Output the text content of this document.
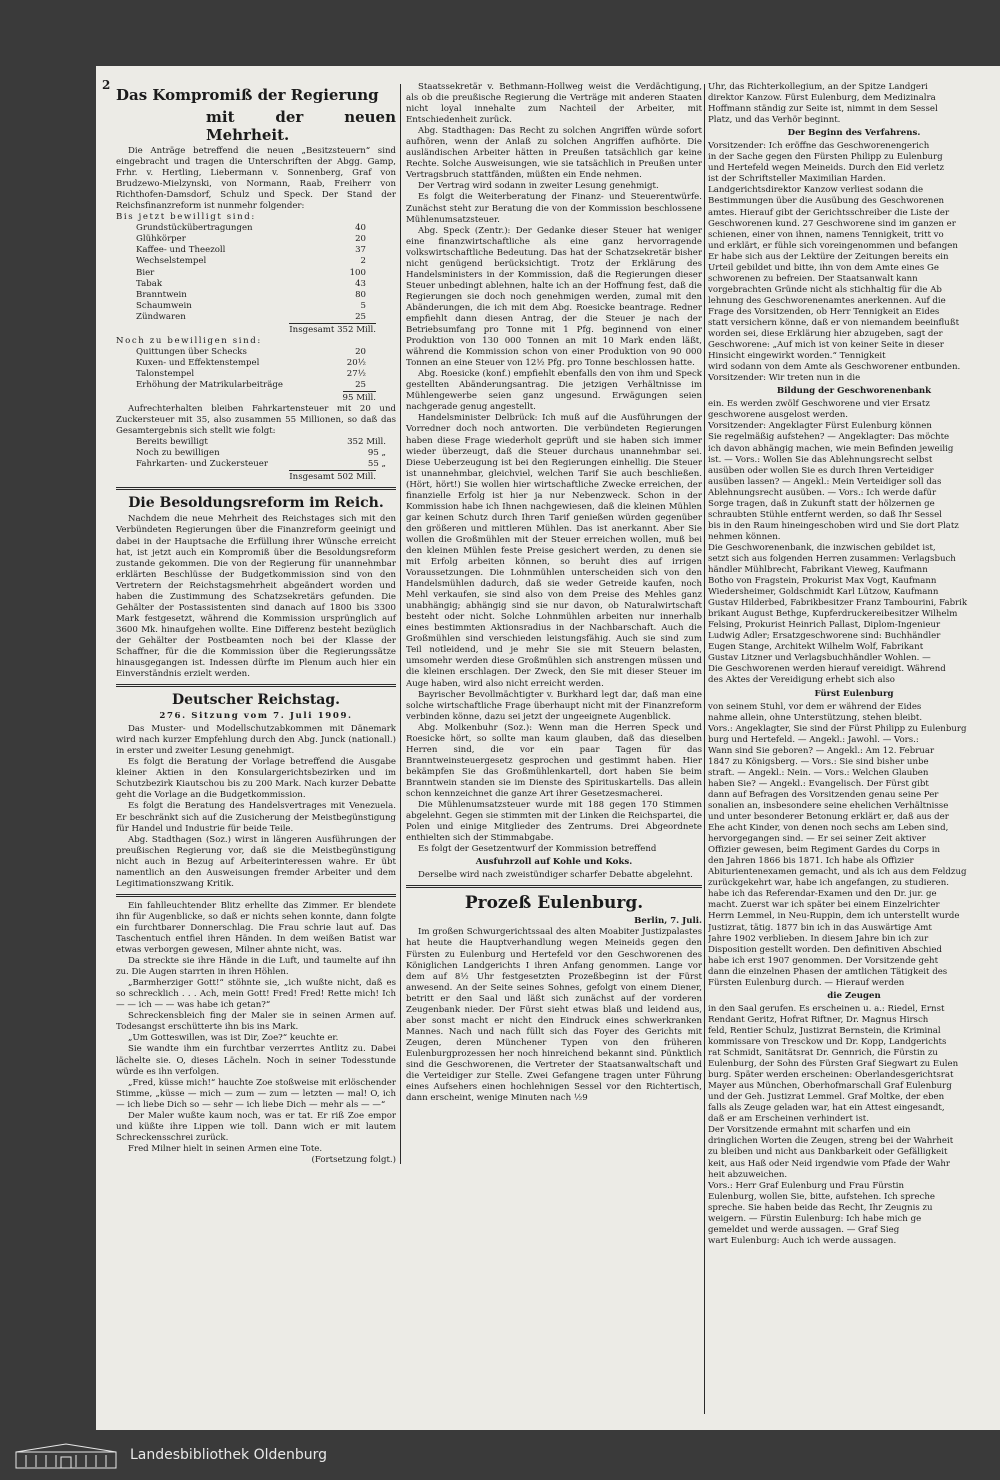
2
Das Kompromiß der Regierung
mit der neuen Mehrheit.

Die Anträge betreffend die neuen „Besitzsteuern“ sind eingebracht und tragen die Unterschriften der Abgg. Gamp, Frhr. v. Hertling, Liebermann v. Sonnenberg, Graf von Brudzewo-Mielzynski, von Normann, Raab, Freiherr von Richthofen-Damsdorf, Schulz und Speck. Der Stand der Reichsfinanzreform ist nunmehr folgender:

Bis jetzt bewilligt sind:

Grundstückübertragungen	40
Glühkörper	20
Kaffee- und Theezoll	37
Wechselstempel	2
Bier	100
Tabak	43
Branntwein	80
Schaumwein	5
Zündwaren	25
Insgesamt 352 Mill.

Noch zu bewilligen sind:

Quittungen über Schecks	20
Kuxen- und Effektenstempel	20½
Talonstempel	27½
Erhöhung der Matrikularbeiträge	25
95 Mill.

Aufrechterhalten bleiben Fahrkartensteuer mit 20 und Zuckersteuer mit 35, also zusammen 55 Millionen, so daß das Gesamtergebnis sich stellt wie folgt:

Bereits bewilligt	352 Mill.
Noch zu bewilligen	95 „
Fahrkarten- und Zuckersteuer	55 „
Insgesamt 502 Mill.
Die Besoldungsreform im Reich.

Nachdem die neue Mehrheit des Reichstages sich mit den Verbündeten Regierungen über die Finanzreform geeinigt und dabei in der Hauptsache die Erfüllung ihrer Wünsche erreicht hat, ist jetzt auch ein Kompromiß über die Besoldungsreform zustande gekommen. Die von der Regierung für unannehmbar erklärten Beschlüsse der Budgetkommission sind von den Vertretern der Reichstagsmehrheit abgeändert worden und haben die Zustimmung des Schatzsekretärs gefunden. Die Gehälter der Postassistenten sind danach auf 1800 bis 3300 Mark festgesetzt, während die Kommission ursprünglich auf 3600 Mk. hinaufgehen wollte. Eine Differenz besteht bezüglich der Gehälter der Postbeamten noch bei der Klasse der Schaffner, für die die Kommission über die Regierungssätze hinausgegangen ist. Indessen dürfte im Plenum auch hier ein Einverständnis erzielt werden.

Deutscher Reichstag.
276. Sitzung vom 7. Juli 1909.

Das Muster- und Modellschutzabkommen mit Dänemark wird nach kurzer Empfehlung durch den Abg. Junck (nationall.) in erster und zweiter Lesung genehmigt.

Es folgt die Beratung der Vorlage betreffend die Ausgabe kleiner Aktien in den Konsulargerichtsbezirken und im Schutzbezirk Kiautschou bis zu 200 Mark. Nach kurzer Debatte geht die Vorlage an die Budgetkommission.

Es folgt die Beratung des Handelsvertrages mit Venezuela. Er beschränkt sich auf die Zusicherung der Meistbegünstigung für Handel und Industrie für beide Teile.

Abg. Stadthagen (Soz.) wirst in längeren Ausführungen der preußischen Regierung vor, daß sie die Meistbegünstigung nicht auch in Bezug auf Arbeiterinteressen wahre. Er übt namentlich an den Ausweisungen fremder Arbeiter und dem Legitimationszwang Kritik.

Ein fahlleuchtender Blitz erhellte das Zimmer. Er blendete ihn für Augenblicke, so daß er nichts sehen konnte, dann folgte ein furchtbarer Donnerschlag. Die Frau schrie laut auf. Das Taschentuch entfiel ihren Händen. In dem weißen Batist war etwas verborgen gewesen, Milner ahnte nicht, was.

Da streckte sie ihre Hände in die Luft, und taumelte auf ihn zu. Die Augen starrten in ihren Höhlen.

„Barmherziger Gott!“ stöhnte sie, „ich wußte nicht, daß es so schrecklich . . . Ach, mein Gott! Fred! Fred! Rette mich! Ich — — ich — — was habe ich getan?“

Schreckensbleich fing der Maler sie in seinen Armen auf. Todesangst erschütterte ihn bis ins Mark.

„Um Gotteswillen, was ist Dir, Zoe?“ keuchte er.

Sie wandte ihm ein furchtbar verzerrtes Antlitz zu. Dabei lächelte sie. O, dieses Lächeln. Noch in seiner Todesstunde würde es ihn verfolgen.

„Fred, küsse mich!“ hauchte Zoe stoßweise mit erlöschender Stimme, „küsse — mich — zum — zum — letzten — mal! O, ich — ich liebe Dich so — sehr — ich liebe Dich — mehr als — —“

Der Maler wußte kaum noch, was er tat. Er riß Zoe empor und küßte ihre Lippen wie toll. Dann wich er mit lautem Schreckensschrei zurück.

Fred Milner hielt in seinen Armen eine Tote.

(Fortsetzung folgt.)

Staatssekretär v. Bethmann-Hollweg weist die Verdächtigung, als ob die preußische Regierung die Verträge mit anderen Staaten nicht loyal innehalte zum Nachteil der Arbeiter, mit Entschiedenheit zurück.

Abg. Stadthagen: Das Recht zu solchen Angriffen würde sofort aufhören, wenn der Anlaß zu solchen Angriffen aufhörte. Die ausländischen Arbeiter hätten in Preußen tatsächlich gar keine Rechte. Solche Ausweisungen, wie sie tatsächlich in Preußen unter Vertragsbruch stattfänden, müßten ein Ende nehmen.

Der Vertrag wird sodann in zweiter Lesung genehmigt.

Es folgt die Weiterberatung der Finanz- und Steuerentwürfe. Zunächst steht zur Beratung die von der Kommission beschlossene Mühlenumsatzsteuer.

Abg. Speck (Zentr.): Der Gedanke dieser Steuer hat weniger eine finanzwirtschaftliche als eine ganz hervorragende volkswirtschaftliche Bedeutung. Das hat der Schatzsekretär bisher nicht genügend berücksichtigt. Trotz der Erklärung des Handelsministers in der Kommission, daß die Regierungen dieser Steuer unbedingt ablehnen, halte ich an der Hoffnung fest, daß die Regierungen sie doch noch genehmigen werden, zumal mit den Abänderungen, die ich mit dem Abg. Roesicke beantrage. Redner empfiehlt dann diesen Antrag, der die Steuer je nach der Betriebsumfang pro Tonne mit 1 Pfg. beginnend von einer Produktion von 130 000 Tonnen an mit 10 Mark enden läßt, während die Kommission schon von einer Produktion von 90 000 Tonnen an eine Steuer von 12½ Pfg. pro Tonne beschlossen hatte.

Abg. Roesicke (konf.) empfiehlt ebenfalls den von ihm und Speck gestellten Abänderungsantrag. Die jetzigen Verhältnisse im Mühlengewerbe seien ganz ungesund. Erwägungen seien nachgerade genug angestellt.

Handelsminister Delbrück: Ich muß auf die Ausführungen der Vorredner doch noch antworten. Die verbündeten Regierungen haben diese Frage wiederholt geprüft und sie haben sich immer wieder überzeugt, daß die Steuer durchaus unannehmbar sei. Diese Ueberzeugung ist bei den Regierungen einhellig. Die Steuer ist unannehmbar, gleichviel, welchen Tarif Sie auch beschließen. (Hört, hört!) Sie wollen hier wirtschaftliche Zwecke erreichen, der finanzielle Erfolg ist hier ja nur Nebenzweck. Schon in der Kommission habe ich Ihnen nachgewiesen, daß die kleinen Mühlen gar keinen Schutz durch Ihren Tarif genießen würden gegenüber den größeren und mittleren Mühlen. Das ist anerkannt. Aber Sie wollen die Großmühlen mit der Steuer erreichen wollen, muß bei den kleinen Mühlen feste Preise gesichert werden, zu denen sie mit Erfolg arbeiten können, so beruht dies auf irrigen Voraussetzungen. Die Lohnmühlen unterscheiden sich von den Handelsmühlen dadurch, daß sie weder Getreide kaufen, noch Mehl verkaufen, sie sind also von dem Preise des Mehles ganz unabhängig; abhängig sind sie nur davon, ob Naturalwirtschaft besteht oder nicht. Solche Lohnmühlen arbeiten nur innerhalb eines bestimmten Aktionsradius in der Nachbarschaft. Auch die Großmühlen sind verschieden leistungsfähig. Auch sie sind zum Teil notleidend, und je mehr Sie sie mit Steuern belasten, umsomehr werden diese Großmühlen sich anstrengen müssen und die kleinen erschlagen. Der Zweck, den Sie mit dieser Steuer im Auge haben, wird also nicht erreicht werden.

Bayrischer Bevollmächtigter v. Burkhard legt dar, daß man eine solche wirtschaftliche Frage überhaupt nicht mit der Finanzreform verbinden könne, dazu sei jetzt der ungeeignete Augenblick.

Abg. Molkenbuhr (Soz.): Wenn man die Herren Speck und Roesicke hört, so sollte man kaum glauben, daß das dieselben Herren sind, die vor ein paar Tagen für das Branntweinsteuergesetz gesprochen und gestimmt haben. Hier bekämpfen Sie das Großmühlenkartell, dort haben Sie beim Branntwein standen sie im Dienste des Spirituskartells. Das allein schon kennzeichnet die ganze Art ihrer Gesetzesmacherei.

Die Mühlenumsatzsteuer wurde mit 188 gegen 170 Stimmen abgelehnt. Gegen sie stimmten mit der Linken die Reichspartei, die Polen und einige Mitglieder des Zentrums. Drei Abgeordnete enthielten sich der Stimmabgabe.

Es folgt der Gesetzentwurf der Kommission betreffend

Ausfuhrzoll auf Kohle und Koks.

Derselbe wird nach zweistündiger scharfer Debatte abgelehnt.

Prozeß Eulenburg.

Berlin, 7. Juli.

Im großen Schwurgerichtssaal des alten Moabiter Justizpalastes hat heute die Hauptverhandlung wegen Meineids gegen den Fürsten zu Eulenburg und Hertefeld vor den Geschworenen des Königlichen Landgerichts I ihren Anfang genommen. Lange vor dem auf 8½ Uhr festgesetzten Prozeßbeginn ist der Fürst anwesend. An der Seite seines Sohnes, gefolgt von einem Diener, betritt er den Saal und läßt sich zunächst auf der vorderen Zeugenbank nieder. Der Fürst sieht etwas blaß und leidend aus, aber sonst macht er nicht den Eindruck eines schwerkranken Mannes. Nach und nach füllt sich das Foyer des Gerichts mit Zeugen, deren Münchener Typen von den früheren Eulenburgprozessen her noch hinreichend bekannt sind. Pünktlich sind die Geschworenen, die Vertreter der Staatsanwaltschaft und die Verteidiger zur Stelle. Zwei Gefangene tragen unter Führung eines Aufsehers einen hochlehnigen Sessel vor den Richtertisch, dann erscheint, wenige Minuten nach ½9

Uhr, das Richterkollegium, an der Spitze Landgeri

direktor Kanzow. Fürst Eulenburg, dem Medizinalra

Hoffmann ständig zur Seite ist, nimmt in dem Sessel

Platz, und das Verhör beginnt.

Der Beginn des Verfahrens.

Vorsitzender: Ich eröffne das Geschworenengerich

in der Sache gegen den Fürsten Philipp zu Eulenburg

und Hertefeld wegen Meineids. Durch den Eid verletz

ist der Schriftsteller Maximilian Harden.

Landgerichtsdirektor Kanzow verliest sodann die

Bestimmungen über die Ausübung des Geschworenen

amtes. Hierauf gibt der Gerichtsschreiber die Liste der

Geschworenen kund. 27 Geschworene sind im ganzen er

schienen, einer von ihnen, namens Tennigkeit, tritt vo

und erklärt, er fühle sich voreingenommen und befangen

Er habe sich aus der Lektüre der Zeitungen bereits ein

Urteil gebildet und bitte, ihn von dem Amte eines Ge

schworenen zu befreien. Der Staatsanwalt kann

vorgebrachten Gründe nicht als stichhaltig für die Ab

lehnung des Geschworenenamtes anerkennen. Auf die

Frage des Vorsitzenden, ob Herr Tennigkeit an Eides

statt versichern könne, daß er von niemandem beeinflußt

worden sei, diese Erklärung hier abzugeben, sagt der

Geschworene: „Auf mich ist von keiner Seite in dieser

Hinsicht eingewirkt worden.“ Tennigkeit

wird sodann von dem Amte als Geschworener entbunden.

Vorsitzender: Wir treten nun in die

Bildung der Geschworenenbank

ein. Es werden zwölf Geschworene und vier Ersatz

geschworene ausgelost werden.

Vorsitzender: Angeklagter Fürst Eulenburg können

Sie regelmäßig aufstehen? — Angeklagter: Das möchte

ich davon abhängig machen, wie mein Befinden jeweilig

ist. — Vors.: Wollen Sie das Ablehnungsrecht selbst

ausüben oder wollen Sie es durch Ihren Verteidiger

ausüben lassen? — Angekl.: Mein Verteidiger soll das

Ablehnungsrecht ausüben. — Vors.: Ich werde dafür

Sorge tragen, daß in Zukunft statt der hölzernen ge

schraubten Stühle entfernt werden, so daß Ihr Sessel

bis in den Raum hineingeschoben wird und Sie dort Platz

nehmen können.

Die Geschworenenbank, die inzwischen gebildet ist,

setzt sich aus folgenden Herren zusammen: Verlagsbuch

händler Mühlbrecht, Fabrikant Vieweg, Kaufmann

Botho von Fragstein, Prokurist Max Vogt, Kaufmann

Wiedersheimer, Goldschmidt Karl Lützow, Kaufmann

Gustav Hilderbed, Fabrikbesitzer Franz Tambourini, Fabrik

brikant August Bethge, Kupferdruckereibesitzer Wilhelm

Felsing, Prokurist Heinrich Pallast, Diplom-Ingenieur

Ludwig Adler; Ersatzgeschworene sind: Buchhändler

Eugen Stange, Architekt Wilhelm Wolf, Fabrikant

Gustav Litzner und Verlagsbuchhändler Wohlen. —

Die Geschworenen werden hierauf vereidigt. Während

des Aktes der Vereidigung erhebt sich also

Fürst Eulenburg

von seinem Stuhl, vor dem er während der Eides

nahme allein, ohne Unterstützung, stehen bleibt.

Vors.: Angeklagter, Sie sind der Fürst Philipp zu Eulenburg

burg und Hertefeld. — Angekl.: Jawohl. — Vors.:

Wann sind Sie geboren? — Angekl.: Am 12. Februar

1847 zu Königsberg. — Vors.: Sie sind bisher unbe

straft. — Angekl.: Nein. — Vors.: Welchen Glauben

haben Sie? — Angekl.: Evangelisch. Der Fürst gibt

dann auf Befragen des Vorsitzenden genau seine Per

sonalien an, insbesondere seine ehelichen Verhältnisse

und unter besonderer Betonung erklärt er, daß aus der

Ehe acht Kinder, von denen noch sechs am Leben sind,

hervorgegangen sind. — Er sei seiner Zeit aktiver

Offizier gewesen, beim Regiment Gardes du Corps in

den Jahren 1866 bis 1871. Ich habe als Offizier

Abiturientenexamen gemacht, und als ich aus dem Feldzug

zurückgekehrt war, habe ich angefangen, zu studieren.

habe ich das Referendar-Examen und den Dr. jur. ge

macht. Zuerst war ich später bei einem Einzelrichter

Herrn Lemmel, in Neu-Ruppin, dem ich unterstellt wurde

Justizrat, tätig. 1877 bin ich in das Auswärtige Amt

Jahre 1902 verblieben. In diesem Jahre bin ich zur

Disposition gestellt worden. Den definitiven Abschied

habe ich erst 1907 genommen. Der Vorsitzende geht

dann die einzelnen Phasen der amtlichen Tätigkeit des

Fürsten Eulenburg durch. — Hierauf werden

die Zeugen

in den Saal gerufen. Es erscheinen u. a.: Riedel, Ernst

Rendant Geritz, Hofrat Riftner, Dr. Magnus Hirsch

feld, Rentier Schulz, Justizrat Bernstein, die Kriminal

kommissare von Tresckow und Dr. Kopp, Landgerichts

rat Schmidt, Sanitätsrat Dr. Gennrich, die Fürstin zu

Eulenburg, der Sohn des Fürsten Graf Siegwart zu Eulen

burg. Später werden erscheinen: Oberlandesgerichtsrat

Mayer aus München, Oberhofmarschall Graf Eulenburg

und der Geh. Justizrat Lemmel. Graf Moltke, der eben

falls als Zeuge geladen war, hat ein Attest eingesandt,

daß er am Erscheinen verhindert ist.

Der Vorsitzende ermahnt mit scharfen und ein

dringlichen Worten die Zeugen, streng bei der Wahrheit

zu bleiben und nicht aus Dankbarkeit oder Gefälligkeit

keit, aus Haß oder Neid irgendwie vom Pfade der Wahr

heit abzuweichen.

Vors.: Herr Graf Eulenburg und Frau Fürstin

Eulenburg, wollen Sie, bitte, aufstehen. Ich spreche

spreche. Sie haben beide das Recht, Ihr Zeugnis zu

weigern. — Fürstin Eulenburg: Ich habe mich ge

gemeldet und werde aussagen. — Graf Sieg

wart Eulenburg: Auch ich werde aussagen.

Landesbibliothek Oldenburg
